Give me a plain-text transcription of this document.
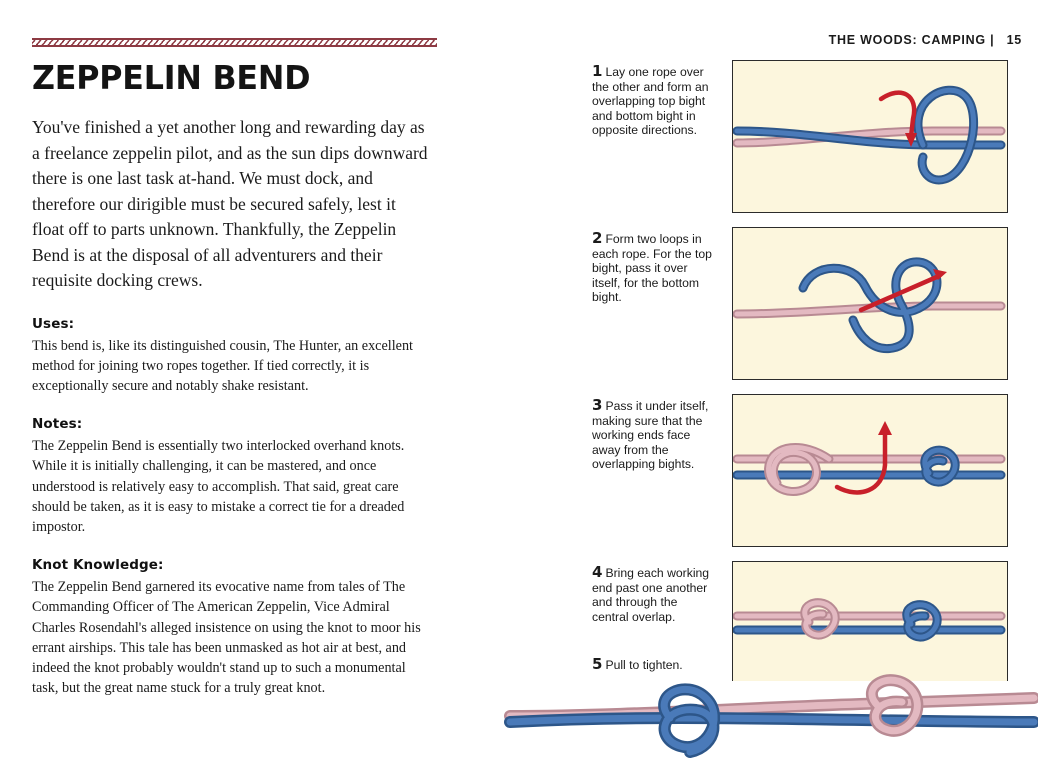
THE WOODS: CAMPING | 15
ZEPPELIN BEND

You've finished a yet another long and rewarding day as a freelance zeppelin pilot, and as the sun dips downward there is one last task at-hand. We must dock, and therefore our dirigible must be secured safely, lest it float off to parts unknown. Thankfully, the Zeppelin Bend is at the disposal of all adventurers and their requisite docking crews.

Uses:

This bend is, like its distinguished cousin, The Hunter, an excellent method for joining two ropes together. If tied correctly, it is exceptionally secure and notably shake resistant.

Notes:

The Zeppelin Bend is essentially two interlocked overhand knots. While it is initially challenging, it can be mastered, and once understood is relatively easy to accomplish. That said, great care should be taken, as it is easy to mistake a correct tie for a dreaded impostor.

Knot Knowledge:

The Zeppelin Bend garnered its evocative name from tales of The Commanding Officer of The American Zeppelin, Vice Admiral Charles Rosendahl's alleged insistence on using the knot to moor his errant airships. This tale has been unmasked as hot air at best, and indeed the knot probably wouldn't stand up to such a monumental task, but the great name stuck for a truly great knot.

1 Lay one rope over the other and form an overlapping top bight and bottom bight in opposite directions.
2 Form two loops in each rope. For the top bight, pass it over itself, for the bottom bight.
3 Pass it under itself, making sure that the working ends face away from the overlapping bights.
4 Bring each working end past one another and through the central overlap.
5 Pull to tighten.
